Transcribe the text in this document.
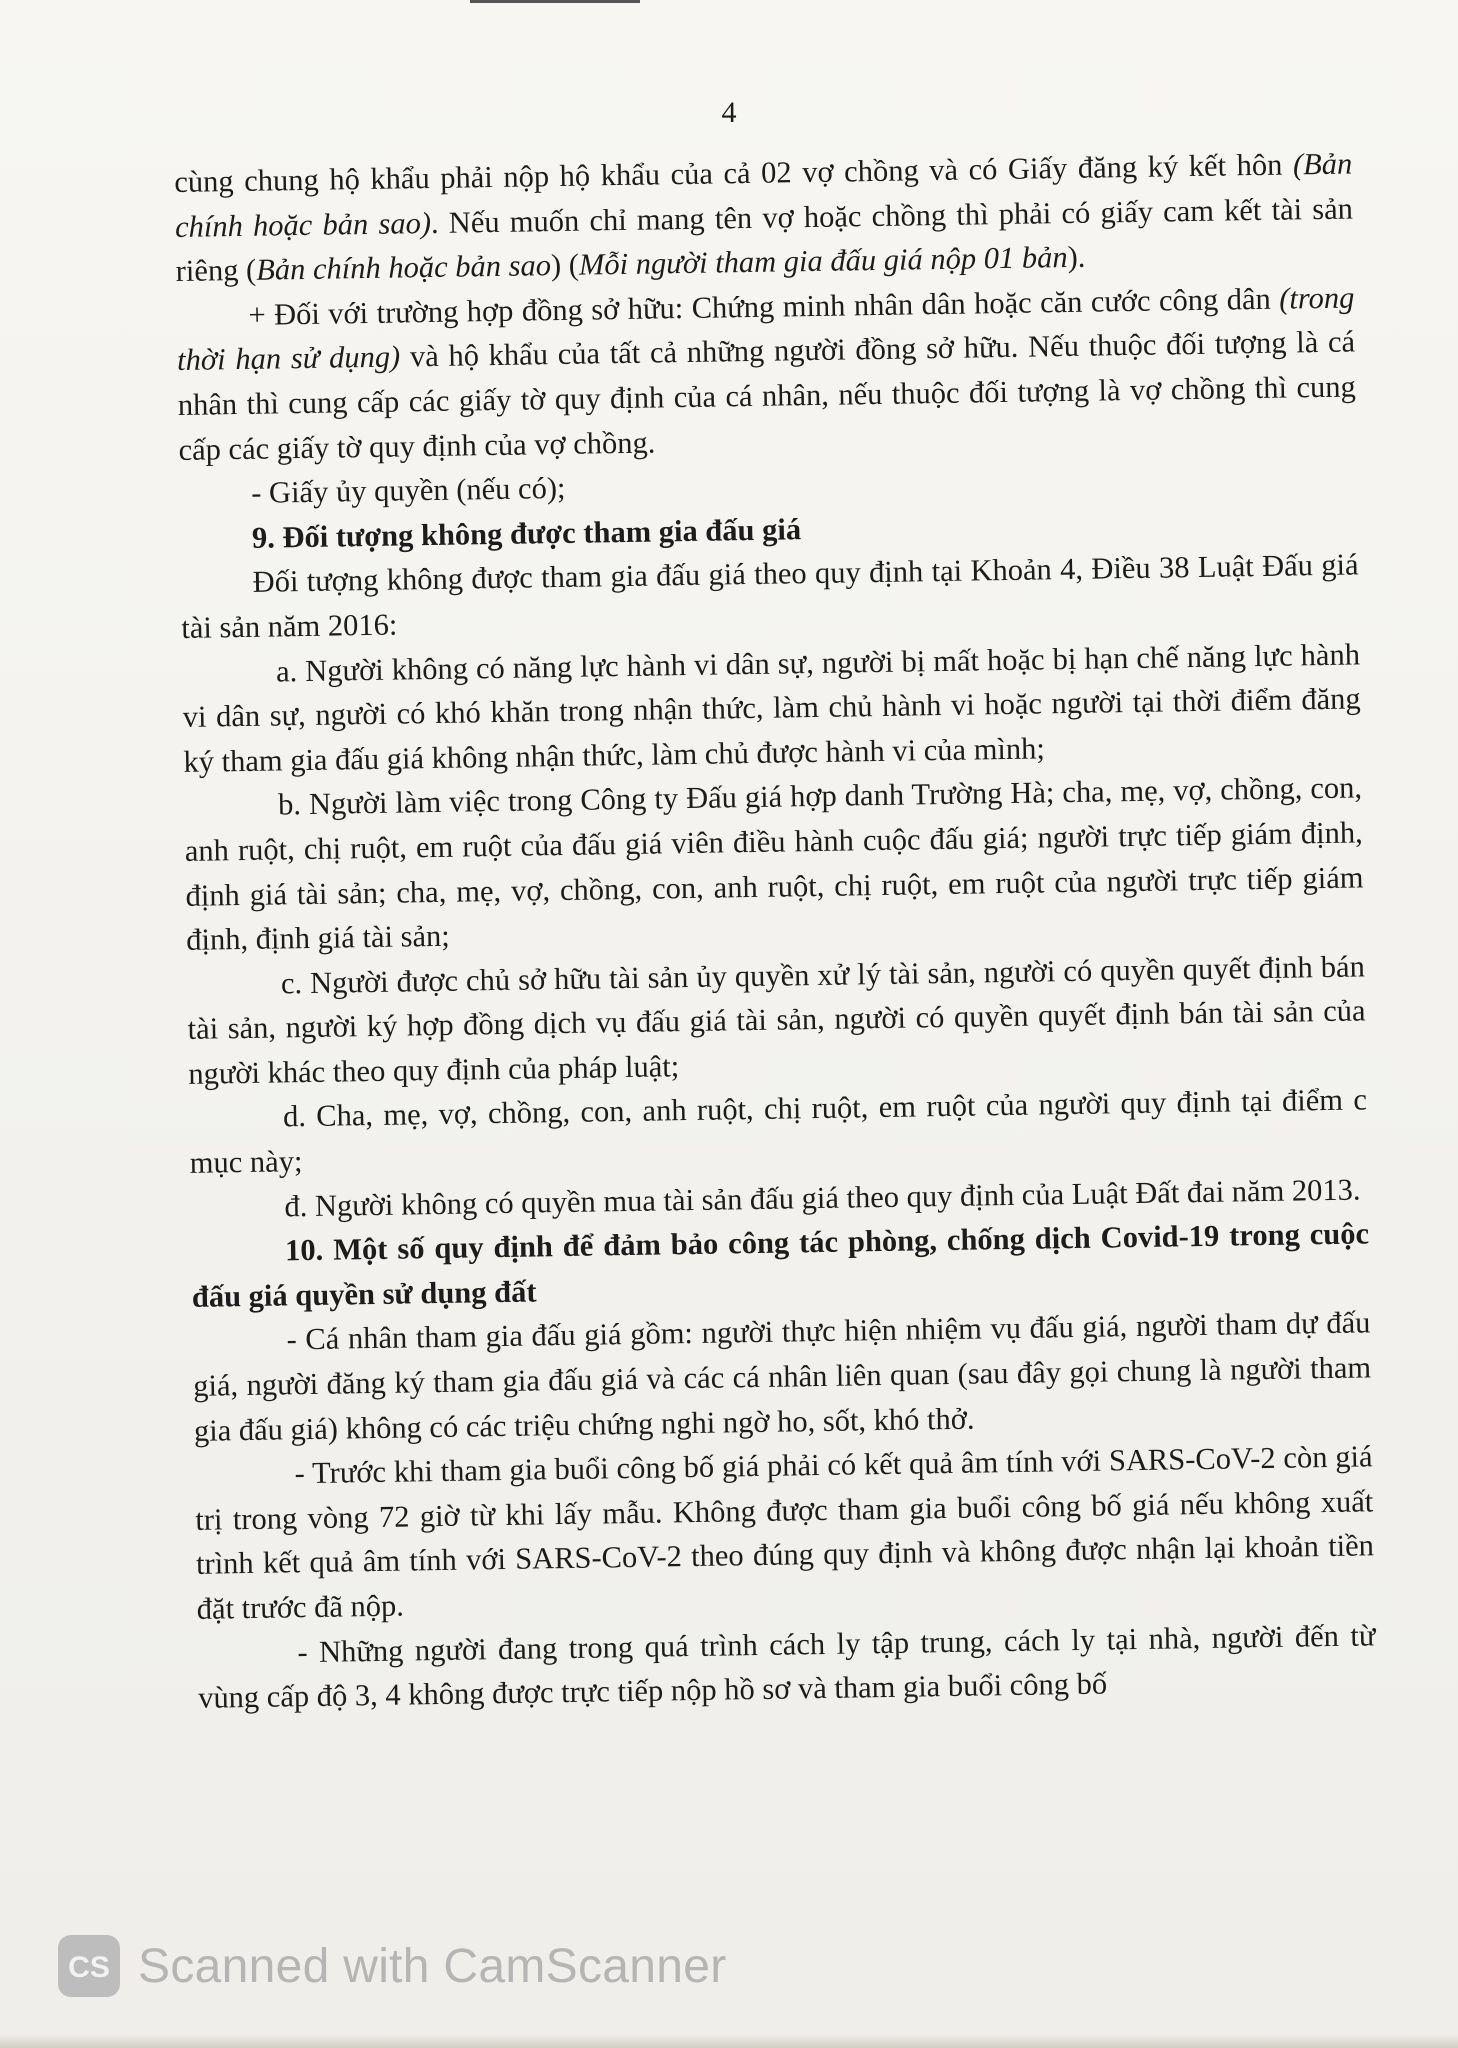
4

cùng chung hộ khẩu phải nộp hộ khẩu của cả 02 vợ chồng và có Giấy đăng ký kết hôn (Bản chính hoặc bản sao). Nếu muốn chỉ mang tên vợ hoặc chồng thì phải có giấy cam kết tài sản riêng (Bản chính hoặc bản sao) (Mỗi người tham gia đấu giá nộp 01 bản).

+ Đối với trường hợp đồng sở hữu: Chứng minh nhân dân hoặc căn cước công dân (trong thời hạn sử dụng) và hộ khẩu của tất cả những người đồng sở hữu. Nếu thuộc đối tượng là cá nhân thì cung cấp các giấy tờ quy định của cá nhân, nếu thuộc đối tượng là vợ chồng thì cung cấp các giấy tờ quy định của vợ chồng.

- Giấy ủy quyền (nếu có);

9. Đối tượng không được tham gia đấu giá

Đối tượng không được tham gia đấu giá theo quy định tại Khoản 4, Điều 38 Luật Đấu giá tài sản năm 2016:

a. Người không có năng lực hành vi dân sự, người bị mất hoặc bị hạn chế năng lực hành vi dân sự, người có khó khăn trong nhận thức, làm chủ hành vi hoặc người tại thời điểm đăng ký tham gia đấu giá không nhận thức, làm chủ được hành vi của mình;

b. Người làm việc trong Công ty Đấu giá hợp danh Trường Hà; cha, mẹ, vợ, chồng, con, anh ruột, chị ruột, em ruột của đấu giá viên điều hành cuộc đấu giá; người trực tiếp giám định, định giá tài sản; cha, mẹ, vợ, chồng, con, anh ruột, chị ruột, em ruột của người trực tiếp giám định, định giá tài sản;

c. Người được chủ sở hữu tài sản ủy quyền xử lý tài sản, người có quyền quyết định bán tài sản, người ký hợp đồng dịch vụ đấu giá tài sản, người có quyền quyết định bán tài sản của người khác theo quy định của pháp luật;

d. Cha, mẹ, vợ, chồng, con, anh ruột, chị ruột, em ruột của người quy định tại điểm c mục này;

đ. Người không có quyền mua tài sản đấu giá theo quy định của Luật Đất đai năm 2013.

10. Một số quy định để đảm bảo công tác phòng, chống dịch Covid-19 trong cuộc đấu giá quyền sử dụng đất

- Cá nhân tham gia đấu giá gồm: người thực hiện nhiệm vụ đấu giá, người tham dự đấu giá, người đăng ký tham gia đấu giá và các cá nhân liên quan (sau đây gọi chung là người tham gia đấu giá) không có các triệu chứng nghi ngờ ho, sốt, khó thở.

- Trước khi tham gia buổi công bố giá phải có kết quả âm tính với SARS-CoV-2 còn giá trị trong vòng 72 giờ từ khi lấy mẫu. Không được tham gia buổi công bố giá nếu không xuất trình kết quả âm tính với SARS-CoV-2 theo đúng quy định và không được nhận lại khoản tiền đặt trước đã nộp.

- Những người đang trong quá trình cách ly tập trung, cách ly tại nhà, người đến từ vùng cấp độ 3, 4 không được trực tiếp nộp hồ sơ và tham gia buổi công bố

CS Scanned with CamScanner
